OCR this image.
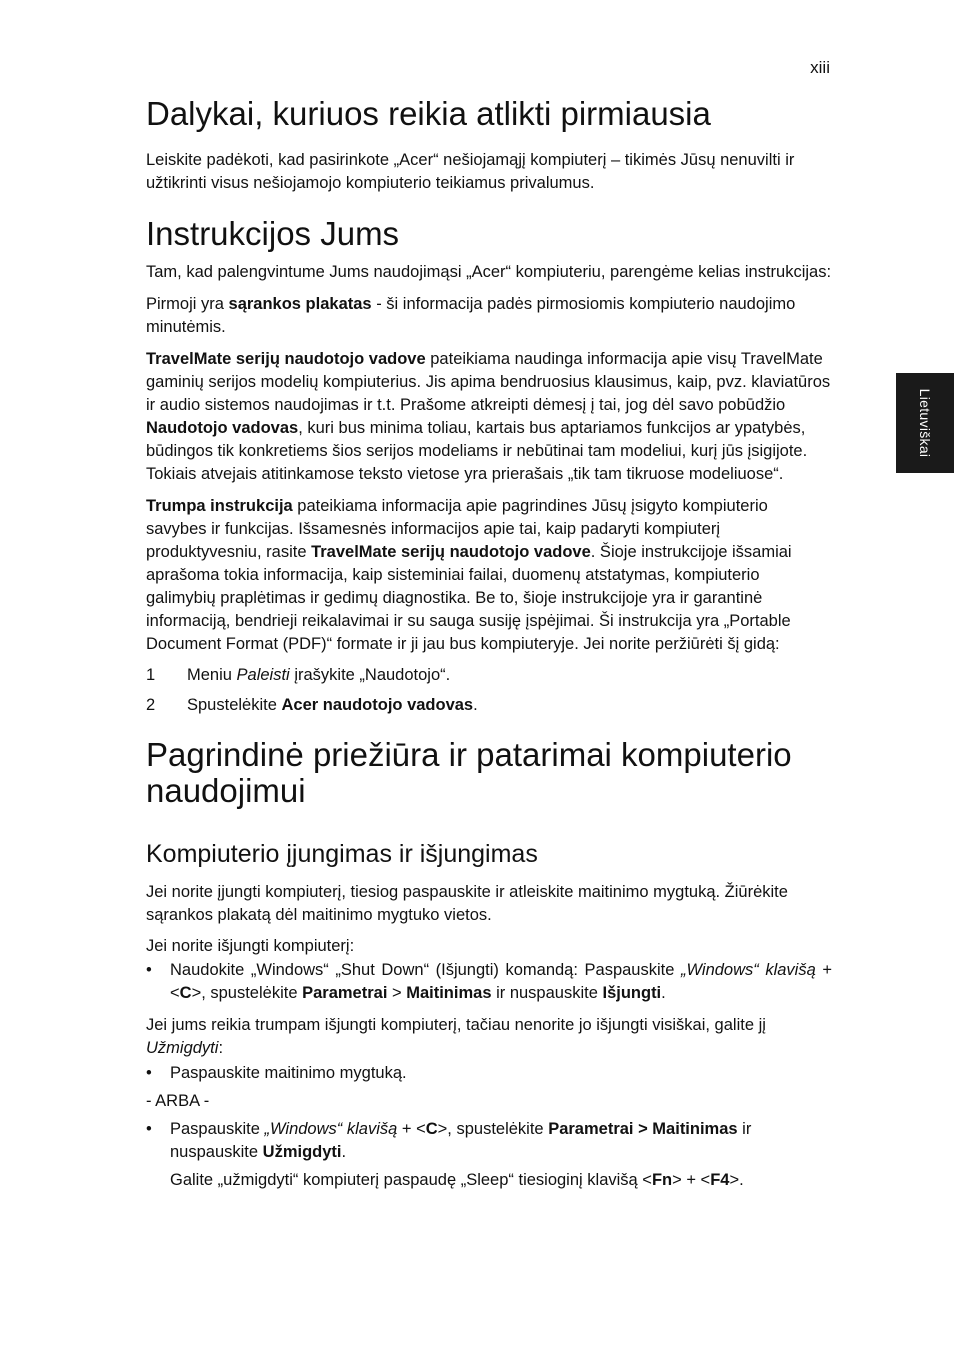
xiii
Lietuviškai
Dalykai, kuriuos reikia atlikti pirmiausia

Leiskite padėkoti, kad pasirinkote „Acer“ nešiojamąjį kompiuterį – tikimės Jūsų nenuvilti ir užtikrinti visus nešiojamojo kompiuterio teikiamus privalumus.

Instrukcijos Jums

Tam, kad palengvintume Jums naudojimąsi „Acer“ kompiuteriu, parengėme kelias instrukcijas:

Pirmoji yra sąrankos plakatas - ši informacija padės pirmosiomis kompiuterio naudojimo minutėmis.

TravelMate serijų naudotojo vadove pateikiama naudinga informacija apie visų TravelMate gaminių serijos modelių kompiuterius. Jis apima bendruosius klausimus, kaip, pvz. klaviatūros ir audio sistemos naudojimas ir t.t. Prašome atkreipti dėmesį į tai, jog dėl savo pobūdžio Naudotojo vadovas, kuri bus minima toliau, kartais bus aptariamos funkcijos ar ypatybės, būdingos tik konkretiems šios serijos modeliams ir nebūtinai tam modeliui, kurį jūs įsigijote. Tokiais atvejais atitinkamose teksto vietose yra prierašais „tik tam tikruose modeliuose“.

Trumpa instrukcija pateikiama informacija apie pagrindines Jūsų įsigyto kompiuterio savybes ir funkcijas. Išsamesnės informacijos apie tai, kaip padaryti kompiuterį produktyvesniu, rasite TravelMate serijų naudotojo vadove. Šioje instrukcijoje išsamiai aprašoma tokia informacija, kaip sisteminiai failai, duomenų atstatymas, kompiuterio galimybių praplėtimas ir gedimų diagnostika. Be to, šioje instrukcijoje yra ir garantinė informaciją, bendrieji reikalavimai ir su sauga susiję įspėjimai. Ši instrukcija yra „Portable Document Format (PDF)“ formate ir ji jau bus kompiuteryje. Jei norite peržiūrėti šį gidą:

1 Meniu Paleisti įrašykite „Naudotojo“.
2 Spustelėkite Acer naudotojo vadovas.
Pagrindinė priežiūra ir patarimai kompiuterio naudojimui
Kompiuterio įjungimas ir išjungimas

Jei norite įjungti kompiuterį, tiesiog paspauskite ir atleiskite maitinimo mygtuką. Žiūrėkite sąrankos plakatą dėl maitinimo mygtuko vietos.

Jei norite išjungti kompiuterį:

• Naudokite „Windows“ „Shut Down“ (Išjungti) komandą: Paspauskite „Windows“ klavišą + <C>, spustelėkite Parametrai > Maitinimas ir nuspauskite Išjungti.

Jei jums reikia trumpam išjungti kompiuterį, tačiau nenorite jo išjungti visiškai, galite jį Užmigdyti:

• Paspauskite maitinimo mygtuką.

- ARBA -

• Paspauskite „Windows“ klavišą + <C>, spustelėkite Parametrai > Maitinimas ir nuspauskite Užmigdyti.

Galite „užmigdyti“ kompiuterį paspaudę „Sleep“ tiesioginį klavišą <Fn> + <F4>.
